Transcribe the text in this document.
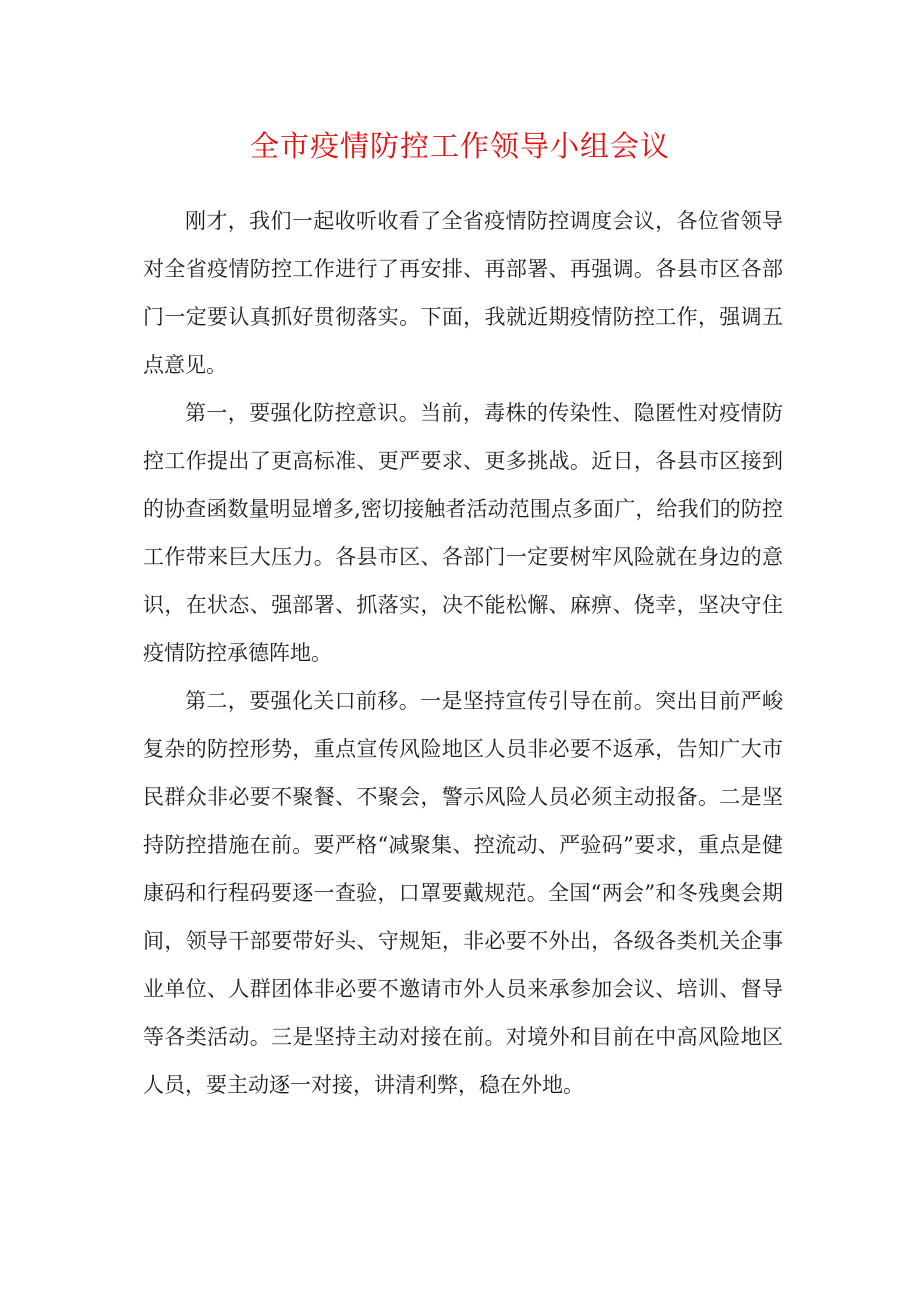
全市疫情防控工作领导小组会议

刚才，我们一起收听收看了全省疫情防控调度会议，各位省领导对全省疫情防控工作进行了再安排、再部署、再强调。各县市区各部门一定要认真抓好贯彻落实。下面，我就近期疫情防控工作，强调五点意见。

第一，要强化防控意识。当前，毒株的传染性、隐匿性对疫情防控工作提出了更高标准、更严要求、更多挑战。近日，各县市区接到的协查函数量明显增多,密切接触者活动范围点多面广，给我们的防控工作带来巨大压力。各县市区、各部门一定要树牢风险就在身边的意识，在状态、强部署、抓落实，决不能松懈、麻痹、侥幸，坚决守住疫情防控承德阵地。

第二，要强化关口前移。一是坚持宣传引导在前。突出目前严峻复杂的防控形势，重点宣传风险地区人员非必要不返承，告知广大市民群众非必要不聚餐、不聚会，警示风险人员必须主动报备。二是坚持防控措施在前。要严格“减聚集、控流动、严验码”要求，重点是健康码和行程码要逐一查验，口罩要戴规范。全国“两会”和冬残奥会期间，领导干部要带好头、守规矩，非必要不外出，各级各类机关企事业单位、人群团体非必要不邀请市外人员来承参加会议、培训、督导等各类活动。三是坚持主动对接在前。对境外和目前在中高风险地区人员，要主动逐一对接，讲清利弊，稳在外地。
